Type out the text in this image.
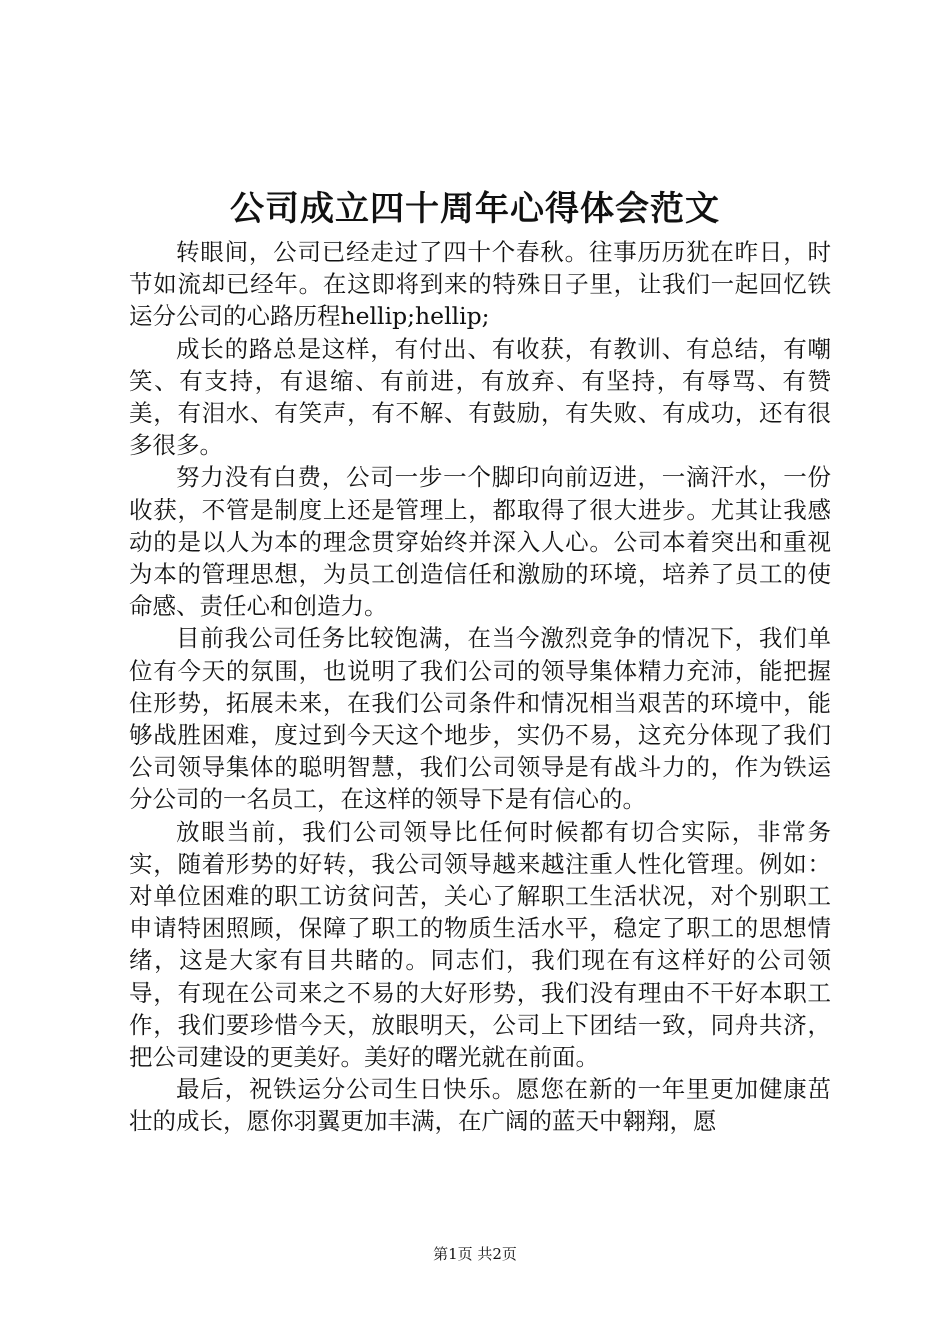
公司成立四十周年心得体会范文

转眼间，公司已经走过了四十个春秋。往事历历犹在昨日，时节如流却已经年。在这即将到来的特殊日子里，让我们一起回忆铁运分公司的心路历程hellip;hellip;

成长的路总是这样，有付出、有收获，有教训、有总结，有嘲笑、有支持，有退缩、有前进，有放弃、有坚持，有辱骂、有赞美，有泪水、有笑声，有不解、有鼓励，有失败、有成功，还有很多很多。

努力没有白费，公司一步一个脚印向前迈进，一滴汗水，一份收获，不管是制度上还是管理上，都取得了很大进步。尤其让我感动的是以人为本的理念贯穿始终并深入人心。公司本着突出和重视为本的管理思想，为员工创造信任和激励的环境，培养了员工的使命感、责任心和创造力。

目前我公司任务比较饱满，在当今激烈竞争的情况下，我们单位有今天的氛围，也说明了我们公司的领导集体精力充沛，能把握住形势，拓展未来，在我们公司条件和情况相当艰苦的环境中，能够战胜困难，度过到今天这个地步，实仍不易，这充分体现了我们公司领导集体的聪明智慧，我们公司领导是有战斗力的，作为铁运分公司的一名员工，在这样的领导下是有信心的。

放眼当前，我们公司领导比任何时候都有切合实际，非常务实，随着形势的好转，我公司领导越来越注重人性化管理。例如：对单位困难的职工访贫问苦，关心了解职工生活状况，对个别职工申请特困照顾，保障了职工的物质生活水平，稳定了职工的思想情绪，这是大家有目共睹的。同志们，我们现在有这样好的公司领导，有现在公司来之不易的大好形势，我们没有理由不干好本职工作，我们要珍惜今天，放眼明天，公司上下团结一致，同舟共济，把公司建设的更美好。美好的曙光就在前面。

最后，祝铁运分公司生日快乐。愿您在新的一年里更加健康茁壮的成长，愿你羽翼更加丰满，在广阔的蓝天中翱翔，愿

第1页 共2页
